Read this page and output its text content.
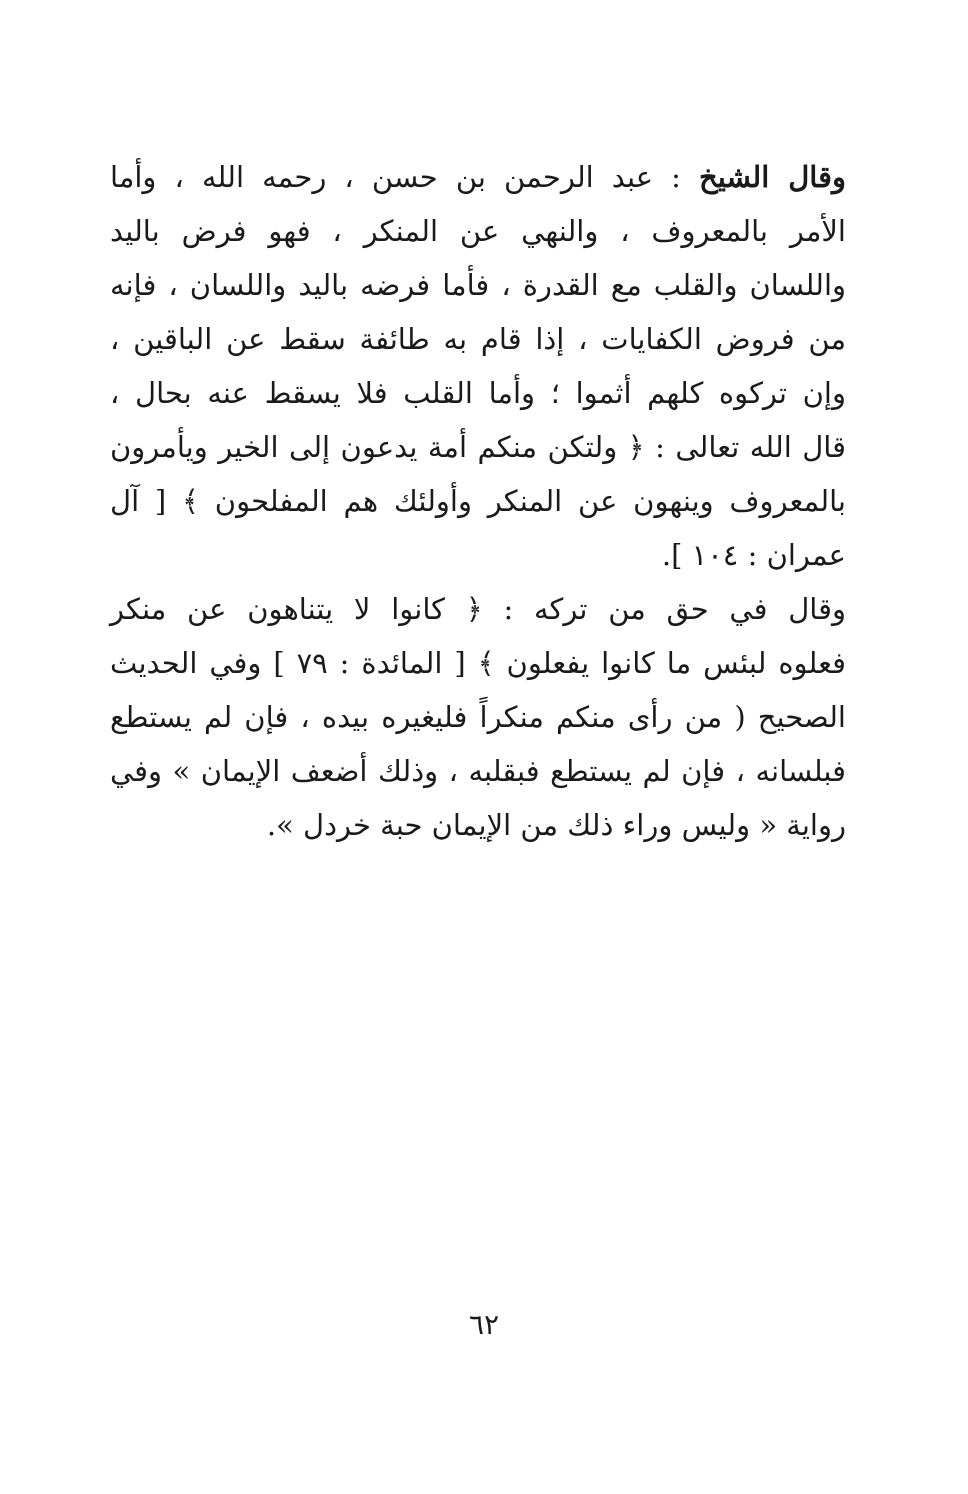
وقال الشيخ : عبد الرحمن بن حسن ، رحمه الله ، وأما
الأمر بالمعروف ، والنهي عن المنكر ، فهو فرض باليد
واللسان والقلب مع القدرة ، فأما فرضه باليد واللسان ، فإنه
من فروض الكفايات ، إذا قام به طائفة سقط عن الباقين ،
وإن تركوه كلهم أثموا ؛ وأما القلب فلا يسقط عنه بحال ،
قال الله تعالى : ﴿ ولتكن منكم أمة يدعون إلى الخير ويأمرون
بالمعروف وينهون عن المنكر وأولئك هم المفلحون ﴾ [ آل
عمران : ١٠٤ ].
وقال في حق من تركه : ﴿ كانوا لا يتناهون عن منكر
فعلوه لبئس ما كانوا يفعلون ﴾ [ المائدة : ٧٩ ] وفي الحديث
الصحيح ( من رأى منكم منكراً فليغيره بيده ، فإن لم يستطع
فبلسانه ، فإن لم يستطع فبقلبه ، وذلك أضعف الإيمان » وفي
رواية « وليس وراء ذلك من الإيمان حبة خردل ».
٦٢
